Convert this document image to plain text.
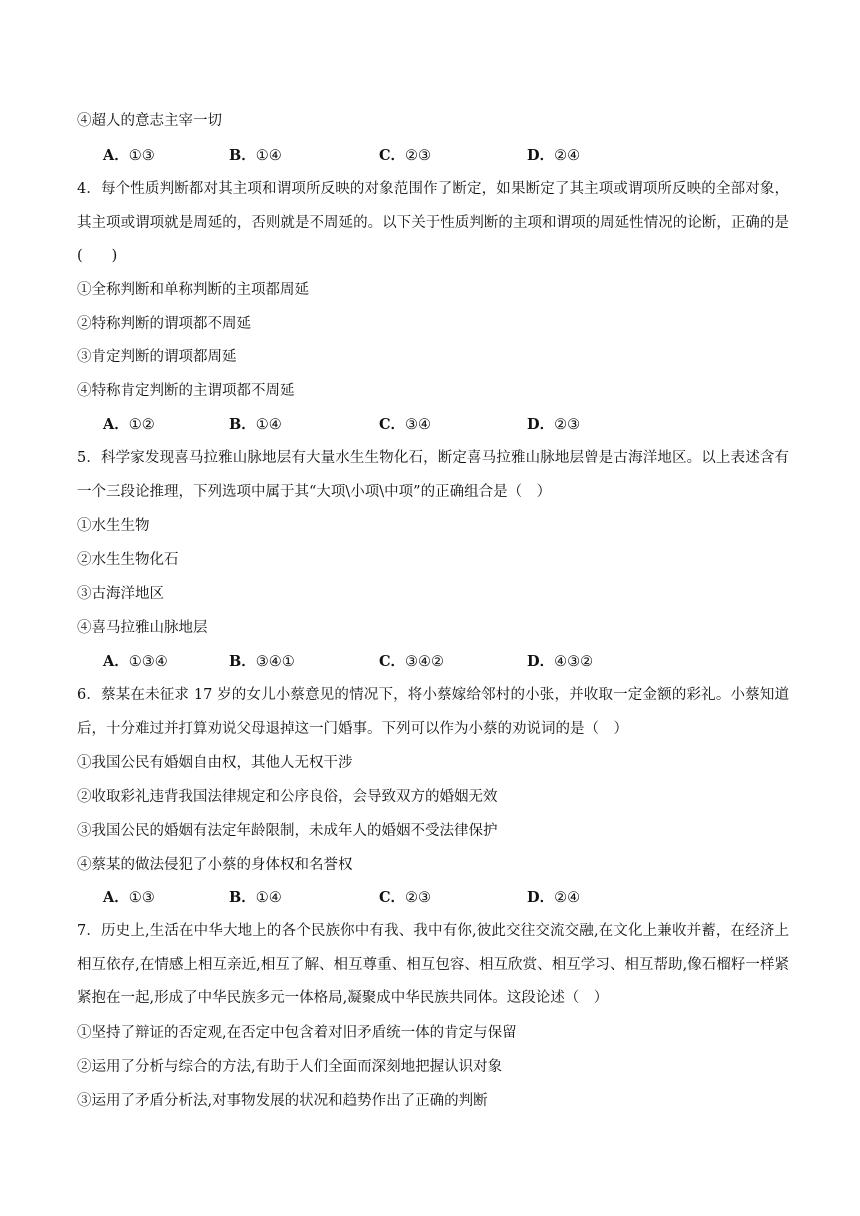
④超人的意志主宰一切
A．①③	B．①④	C．②③	D．②④
4．每个性质判断都对其主项和谓项所反映的对象范围作了断定，如果断定了其主项或谓项所反映的全部对象，其主项或谓项就是周延的，否则就是不周延的。以下关于性质判断的主项和谓项的周延性情况的论断，正确的是(　　)
①全称判断和单称判断的主项都周延
②特称判断的谓项都不周延
③肯定判断的谓项都周延
④特称肯定判断的主谓项都不周延
A．①②	B．①④	C．③④	D．②③
5．科学家发现喜马拉雅山脉地层有大量水生生物化石，断定喜马拉雅山脉地层曾是古海洋地区。以上表述含有一个三段论推理，下列选项中属于其“大项\小项\中项”的正确组合是（　）
①水生生物
②水生生物化石
③古海洋地区
④喜马拉雅山脉地层
A．①③④	B．③④①	C．③④②	D．④③②
6．蔡某在未征求 17 岁的女儿小蔡意见的情况下，将小蔡嫁给邻村的小张，并收取一定金额的彩礼。小蔡知道后，十分难过并打算劝说父母退掉这一门婚事。下列可以作为小蔡的劝说词的是（　）
①我国公民有婚姻自由权，其他人无权干涉
②收取彩礼违背我国法律规定和公序良俗，会导致双方的婚姻无效
③我国公民的婚姻有法定年龄限制，未成年人的婚姻不受法律保护
④蔡某的做法侵犯了小蔡的身体权和名誉权
A．①③	B．①④	C．②③	D．②④
7．历史上,生活在中华大地上的各个民族你中有我、我中有你,彼此交往交流交融,在文化上兼收并蓄，在经济上相互依存,在情感上相互亲近,相互了解、相互尊重、相互包容、相互欣赏、相互学习、相互帮助,像石榴籽一样紧紧抱在一起,形成了中华民族多元一体格局,凝聚成中华民族共同体。这段论述（　）
①坚持了辩证的否定观,在否定中包含着对旧矛盾统一体的肯定与保留
②运用了分析与综合的方法,有助于人们全面而深刻地把握认识对象
③运用了矛盾分析法,对事物发展的状况和趋势作出了正确的判断
